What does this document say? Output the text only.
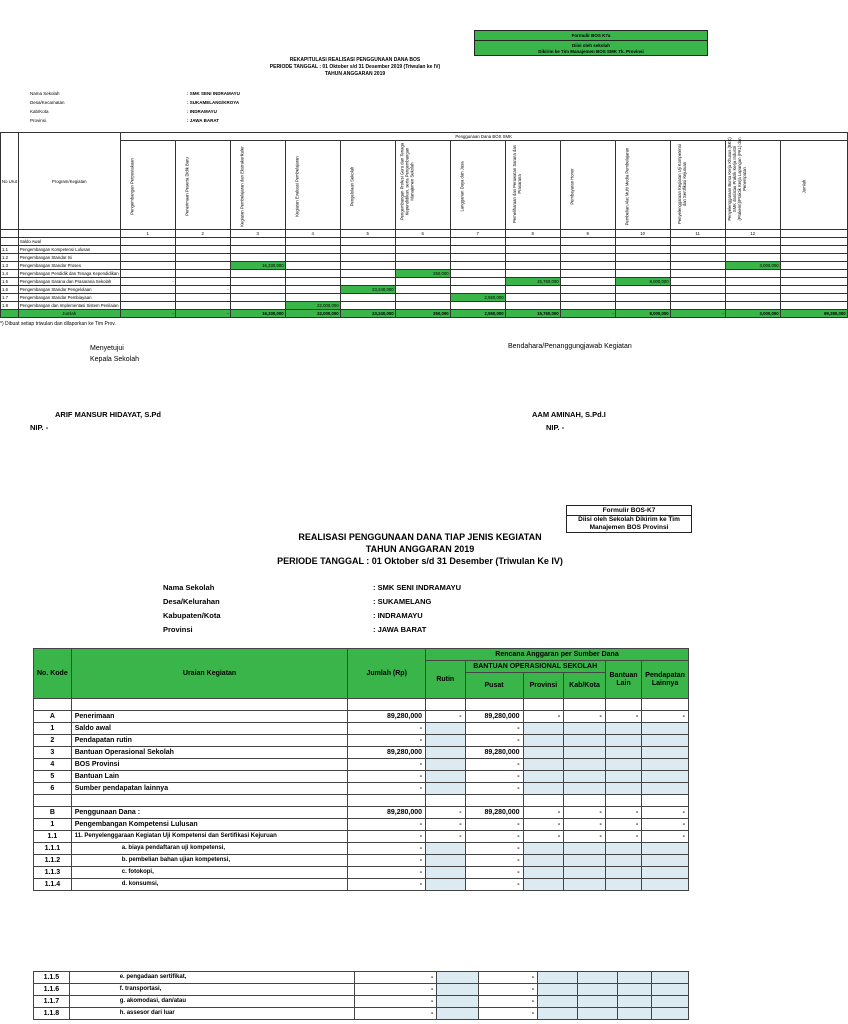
Formulir BOS K7a
Diisi oleh sekolah
Dikirim ke Tim Manajemen BOS SMK Tk. Provinsi
REKAPITULASI REALISASI PENGGUNAAN DANA BOS
PERIODE TANGGAL : 01 Oktober s/d 31 Desember 2019 (Triwulan ke IV)
TAHUN ANGGARAN 2019
Nama Sekolah	: SMK SENI INDRAMAYU
Desa/Kecamatan	: SUKAMELANG/KROYA
Kab/Kota	: INDRAMAYU
Provinsi	: JAWA BARAT
No Urut	Program/Kegiatan	Penggunaan Dana BOS SMK												
		Pengembangan Perpustakaan	Penerimaan Peserta Didik Baru	Kegiatan Pembelajaran dan Ekstrakurikuler	Kegiatan Evaluasi Pembelajaran	Pengelolaan Sekolah	Pengembangan Profesi Guru dan Tenaga Kependidikan, serta Pengembangan Manajemen Sekolah	Langganan Daya dan Jasa	Pemeliharaan dan Perawatan Sarana dan Prasarana	Pembayaran Honor	Pembelian Alat Multi Media Pembelajaran	Penyelenggaraan Kegiatan Uji Kompetensi dan Sertifikasi Kejuruan	Penyelenggaraan Bursa Kerja Khusus (BKK) SMK dan/atau Praktik Kerja Industri (Prakerin)/Praktik Kerja Lapangan (PKL) dan Penempatan	Jumlah
		1	2	3	4	5	6	7	8	9	10	11	12	
	Saldo Awal													
1.1	Pengembangan Kompetensi Lulusan													
1.2	Pengembangan Standar Isi													
1.3	Pengembangan Standar Proses			16,330,000									3,000,000	
1.4	Pengembangan Pendidik dan Tenaga Kependidikan						250,000							
1.5	Pengembangan Sarana dan Prasarana Sekolah	-							15,760,000		8,000,000			
1.6	Pengembangan Standar Pengelolaan		-			23,240,000								
1.7	Pengembangan Standar Pembiayaan							2,550,000						
1.8	Pengembangan dan Implementasi Sistem Penilaian				22,000,000									
	Jumlah	-	-	16,330,000	22,000,000	23,240,000	250,000	2,550,000	15,760,000	-	8,000,000	-	3,000,000	89,280,000
*) Dibuat setiap triwulan dan dilaporkan ke Tim Prov.
Menyetujui
Kepala Sekolah
Bendahara/Penanggungjawab Kegiatan
ARIF MANSUR HIDAYAT, S.Pd
NIP. -
AAM AMINAH, S.Pd.I
NIP. -
Formulir BOS-K7
Diisi oleh Sekolah Dikirim ke Tim
Manajemen BOS Provinsi
REALISASI PENGGUNAAN DANA TIAP JENIS KEGIATAN
TAHUN ANGGARAN 2019
PERIODE TANGGAL : 01 Oktober s/d 31 Desember (Triwulan Ke IV)
Nama Sekolah	: SMK SENI INDRAMAYU
Desa/Kelurahan	: SUKAMELANG
Kabupaten/Kota	: INDRAMAYU
Provinsi	: JAWA BARAT
No. Kode	Uraian Kegiatan	Jumlah (Rp)	Rencana Anggaran per Sumber Dana					
			Rutin	BANTUAN OPERASIONAL SEKOLAH			Bantuan Lain	Pendapatan Lainnya
				Pusat	Provinsi	Kab/Kota		

A	Penerimaan	89,280,000	-	89,280,000	-	-	-	-
1	Saldo awal	-		-				
2	Pendapatan rutin	-		-				
3	Bantuan Operasional Sekolah	89,280,000		89,280,000				
4	BOS Provinsi	-		-				
5	Bantuan Lain	-		-				
6	Sumber pendapatan lainnya	-		-				

B	Penggunaan Dana :	89,280,000	-	89,280,000	-	-	-	-
1	Pengembangan Kompetensi Lulusan	-	-	-	-	-	-	-
1.1	11. Penyelenggaraan Kegiatan Uji Kompetensi dan Sertifikasi Kejuruan	-	-	-	-	-	-	-
1.1.1	a. biaya pendaftaran uji kompetensi,	-		-				
1.1.2	b. pembelian bahan ujian kompetensi,	-		-				
1.1.3	c. fotokopi,	-		-				
1.1.4	d. konsumsi,	-		-				
1.1.5	e. pengadaan sertifikat,	-		-				
1.1.6	f. transportasi,	-		-				
1.1.7	g. akomodasi, dan/atau	-		-				
1.1.8	h. assesor dari luar	-		-				
